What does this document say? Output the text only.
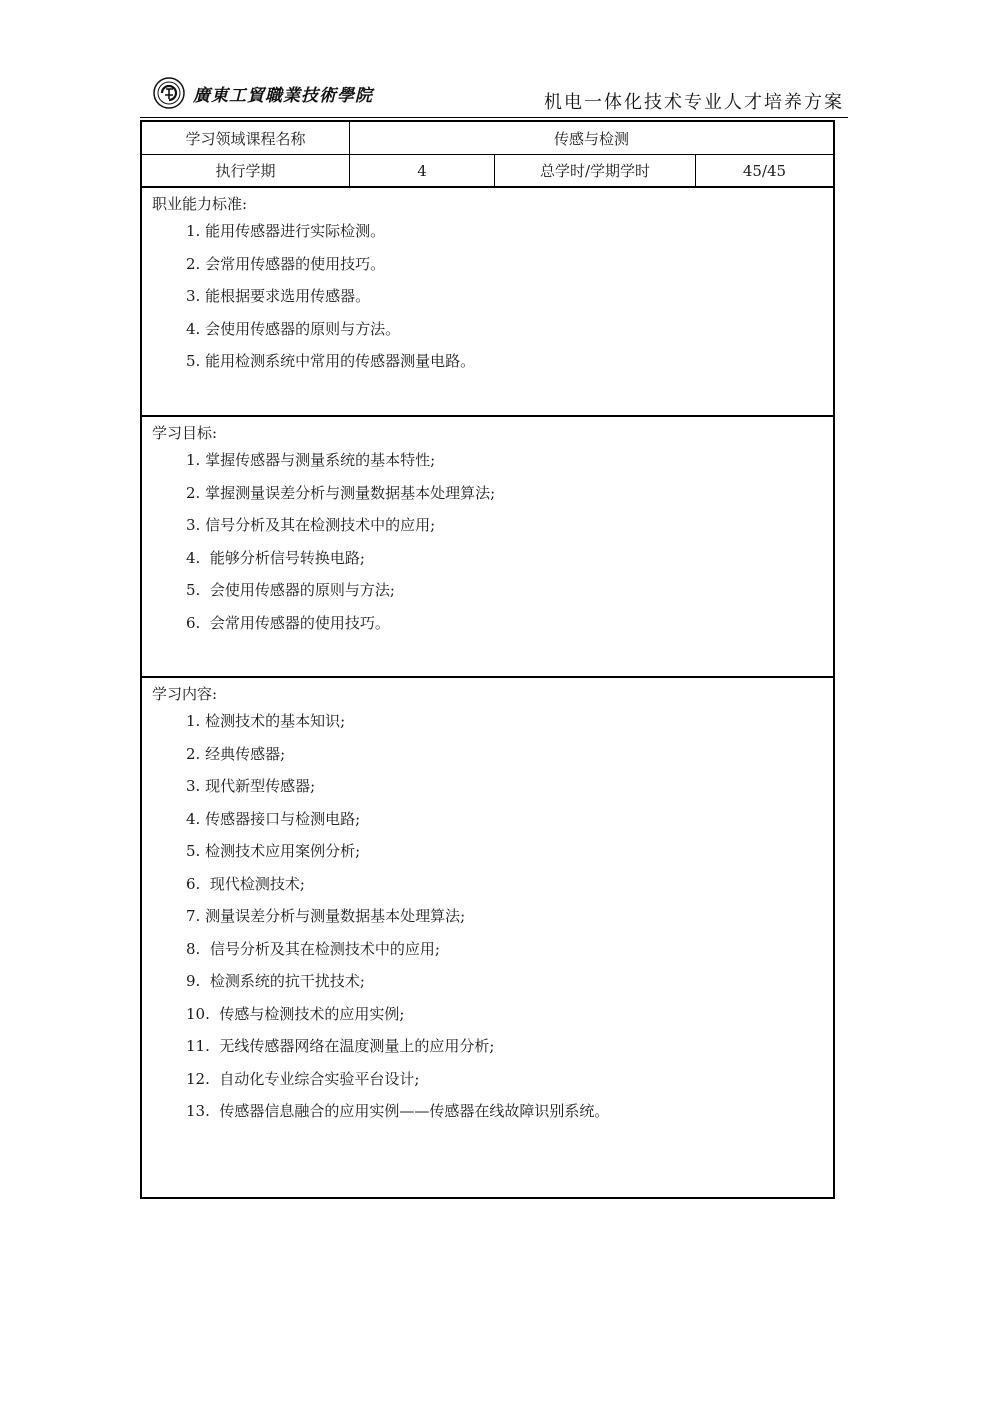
廣東工貿職業技術學院	机电一体化技术专业人才培养方案
学习领域课程名称	传感与检测
执行学期	4	总学时/学期学时	45/45
职业能力标准:
1. 能用传感器进行实际检测。
2. 会常用传感器的使用技巧。
3. 能根据要求选用传感器。
4. 会使用传感器的原则与方法。
5. 能用检测系统中常用的传感器测量电路。
学习目标:
1. 掌握传感器与测量系统的基本特性;
2. 掌握测量误差分析与测量数据基本处理算法;
3. 信号分析及其在检测技术中的应用;
4.  能够分析信号转换电路;
5.  会使用传感器的原则与方法;
6.  会常用传感器的使用技巧。
学习内容:
1. 检测技术的基本知识;
2. 经典传感器;
3. 现代新型传感器;
4. 传感器接口与检测电路;
5. 检测技术应用案例分析;
6.  现代检测技术;
7. 测量误差分析与测量数据基本处理算法;
8.  信号分析及其在检测技术中的应用;
9.  检测系统的抗干扰技术;
10.  传感与检测技术的应用实例;
11.  无线传感器网络在温度测量上的应用分析;
12.  自动化专业综合实验平台设计;
13.  传感器信息融合的应用实例——传感器在线故障识别系统。
